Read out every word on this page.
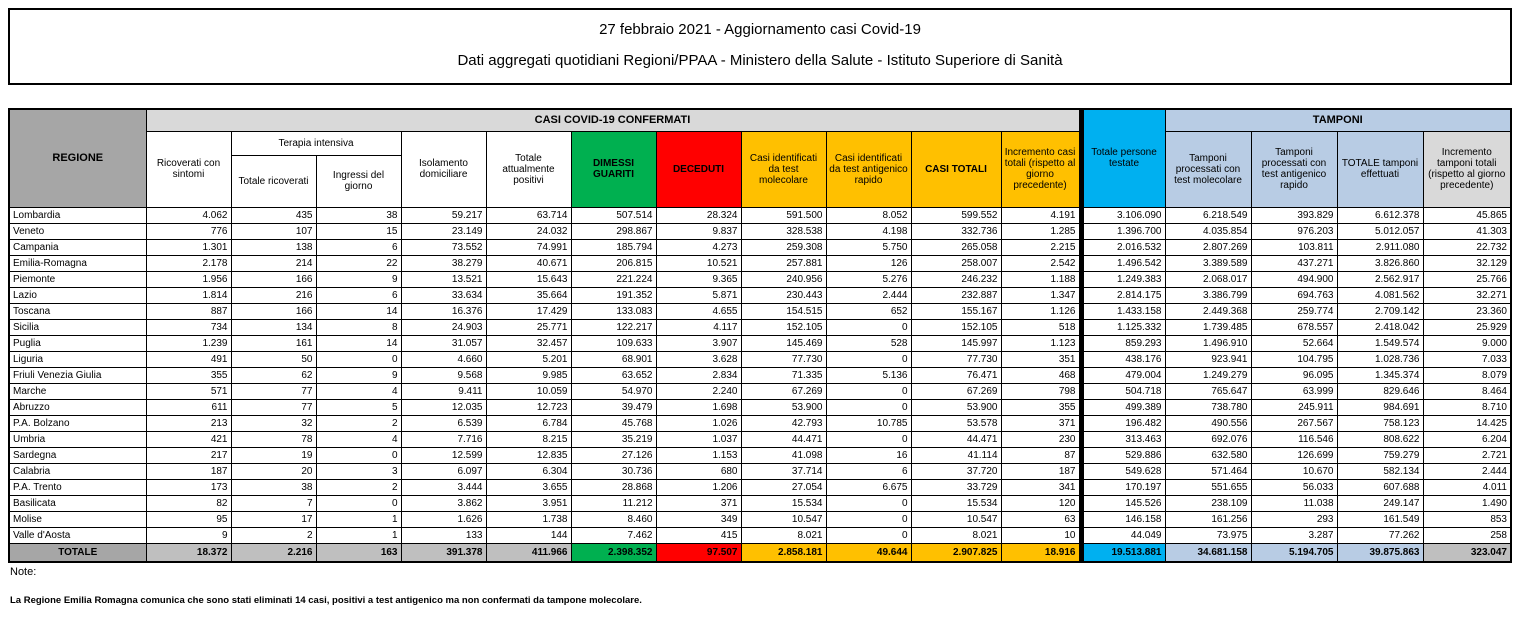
27 febbraio 2021 - Aggiornamento casi Covid-19
Dati aggregati quotidiani Regioni/PPAA - Ministero della Salute - Istituto Superiore di Sanità
REGIONE	CASI COVID-19 CONFERMATI											Totale persone testate	TAMPONI			
	Ricoverati con sintomi	Terapia intensiva		Isolamento domiciliare	Totale attualmente positivi	DIMESSI GUARITI	DECEDUTI	Casi identificati da test molecolare	Casi identificati da test antigenico rapido	CASI TOTALI	Incremento casi totali (rispetto al giorno precedente)		Tamponi processati con test molecolare	Tamponi processati con test antigenico rapido	TOTALE tamponi effettuati	Incremento tamponi totali (rispetto al giorno precedente)
		Totale ricoverati	Ingressi del giorno													
Lombardia	4.062	435	38	59.217	63.714	507.514	28.324	591.500	8.052	599.552	4.191	3.106.090	6.218.549	393.829	6.612.378	45.865
Veneto	776	107	15	23.149	24.032	298.867	9.837	328.538	4.198	332.736	1.285	1.396.700	4.035.854	976.203	5.012.057	41.303
Campania	1.301	138	6	73.552	74.991	185.794	4.273	259.308	5.750	265.058	2.215	2.016.532	2.807.269	103.811	2.911.080	22.732
Emilia-Romagna	2.178	214	22	38.279	40.671	206.815	10.521	257.881	126	258.007	2.542	1.496.542	3.389.589	437.271	3.826.860	32.129
Piemonte	1.956	166	9	13.521	15.643	221.224	9.365	240.956	5.276	246.232	1.188	1.249.383	2.068.017	494.900	2.562.917	25.766
Lazio	1.814	216	6	33.634	35.664	191.352	5.871	230.443	2.444	232.887	1.347	2.814.175	3.386.799	694.763	4.081.562	32.271
Toscana	887	166	14	16.376	17.429	133.083	4.655	154.515	652	155.167	1.126	1.433.158	2.449.368	259.774	2.709.142	23.360
Sicilia	734	134	8	24.903	25.771	122.217	4.117	152.105	0	152.105	518	1.125.332	1.739.485	678.557	2.418.042	25.929
Puglia	1.239	161	14	31.057	32.457	109.633	3.907	145.469	528	145.997	1.123	859.293	1.496.910	52.664	1.549.574	9.000
Liguria	491	50	0	4.660	5.201	68.901	3.628	77.730	0	77.730	351	438.176	923.941	104.795	1.028.736	7.033
Friuli Venezia Giulia	355	62	9	9.568	9.985	63.652	2.834	71.335	5.136	76.471	468	479.004	1.249.279	96.095	1.345.374	8.079
Marche	571	77	4	9.411	10.059	54.970	2.240	67.269	0	67.269	798	504.718	765.647	63.999	829.646	8.464
Abruzzo	611	77	5	12.035	12.723	39.479	1.698	53.900	0	53.900	355	499.389	738.780	245.911	984.691	8.710
P.A. Bolzano	213	32	2	6.539	6.784	45.768	1.026	42.793	10.785	53.578	371	196.482	490.556	267.567	758.123	14.425
Umbria	421	78	4	7.716	8.215	35.219	1.037	44.471	0	44.471	230	313.463	692.076	116.546	808.622	6.204
Sardegna	217	19	0	12.599	12.835	27.126	1.153	41.098	16	41.114	87	529.886	632.580	126.699	759.279	2.721
Calabria	187	20	3	6.097	6.304	30.736	680	37.714	6	37.720	187	549.628	571.464	10.670	582.134	2.444
P.A. Trento	173	38	2	3.444	3.655	28.868	1.206	27.054	6.675	33.729	341	170.197	551.655	56.033	607.688	4.011
Basilicata	82	7	0	3.862	3.951	11.212	371	15.534	0	15.534	120	145.526	238.109	11.038	249.147	1.490
Molise	95	17	1	1.626	1.738	8.460	349	10.547	0	10.547	63	146.158	161.256	293	161.549	853
Valle d'Aosta	9	2	1	133	144	7.462	415	8.021	0	8.021	10	44.049	73.975	3.287	77.262	258
TOTALE	18.372	2.216	163	391.378	411.966	2.398.352	97.507	2.858.181	49.644	2.907.825	18.916	19.513.881	34.681.158	5.194.705	39.875.863	323.047
Note:
La Regione Emilia Romagna comunica che sono stati eliminati 14 casi, positivi a test antigenico ma non confermati da tampone molecolare.
